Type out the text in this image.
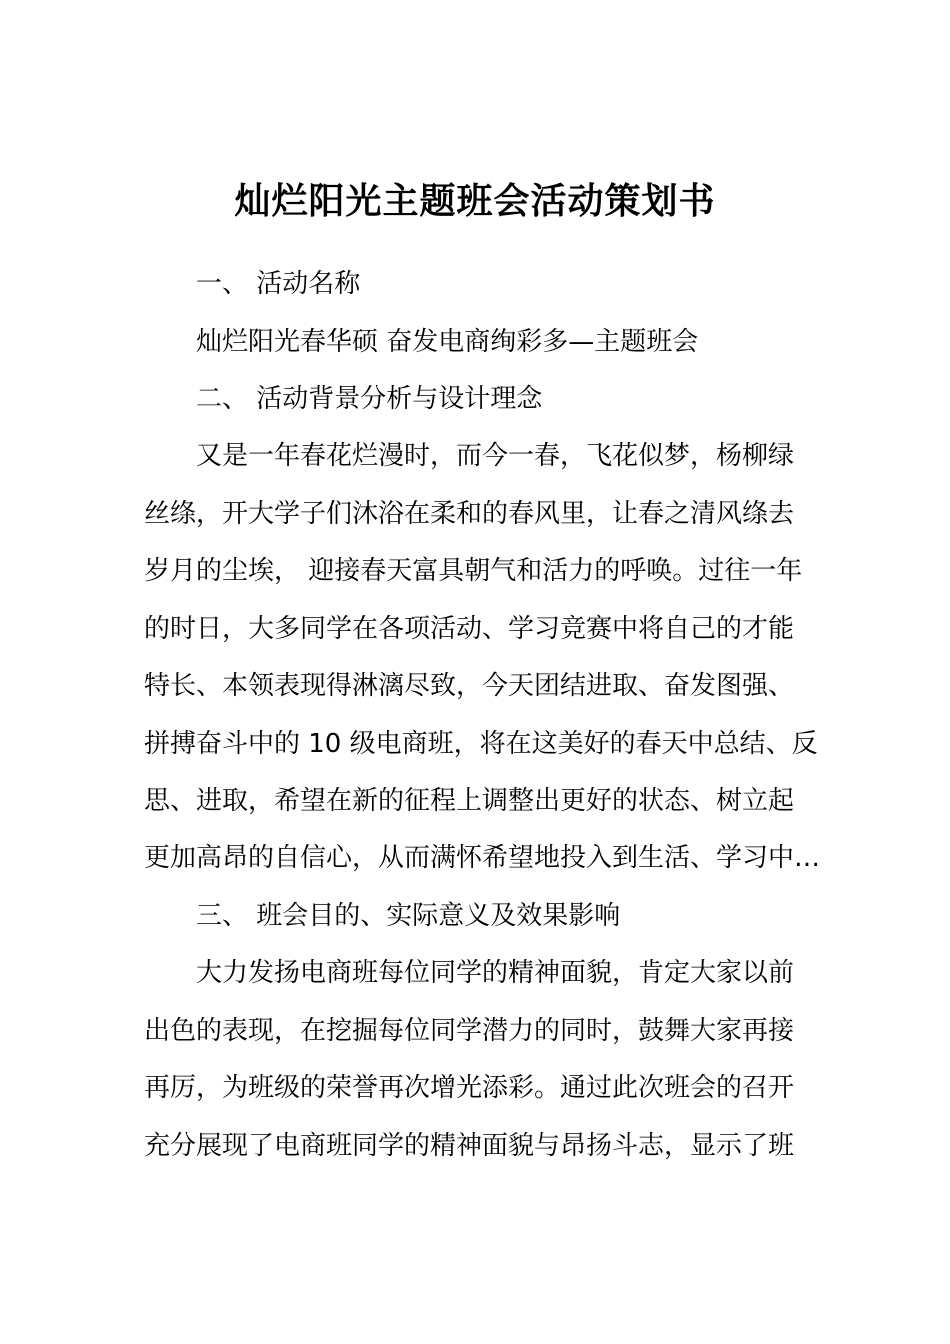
灿烂阳光主题班会活动策划书
一、 活动名称
灿烂阳光春华硕 奋发电商绚彩多—主题班会
二、 活动背景分析与设计理念
又是一年春花烂漫时，而今一春，飞花似梦，杨柳绿
丝绦，开大学子们沐浴在柔和的春风里，让春之清风绦去
岁月的尘埃， 迎接春天富具朝气和活力的呼唤。过往一年
的时日，大多同学在各项活动、学习竞赛中将自己的才能
特长、本领表现得淋漓尽致，今天团结进取、奋发图强、
拼搏奋斗中的 10 级电商班，将在这美好的春天中总结、反
思、进取，希望在新的征程上调整出更好的状态、树立起
更加高昂的自信心，从而满怀希望地投入到生活、学习中…
三、 班会目的、实际意义及效果影响
大力发扬电商班每位同学的精神面貌，肯定大家以前
出色的表现，在挖掘每位同学潜力的同时，鼓舞大家再接
再厉，为班级的荣誉再次增光添彩。通过此次班会的召开
充分展现了电商班同学的精神面貌与昂扬斗志，显示了班
